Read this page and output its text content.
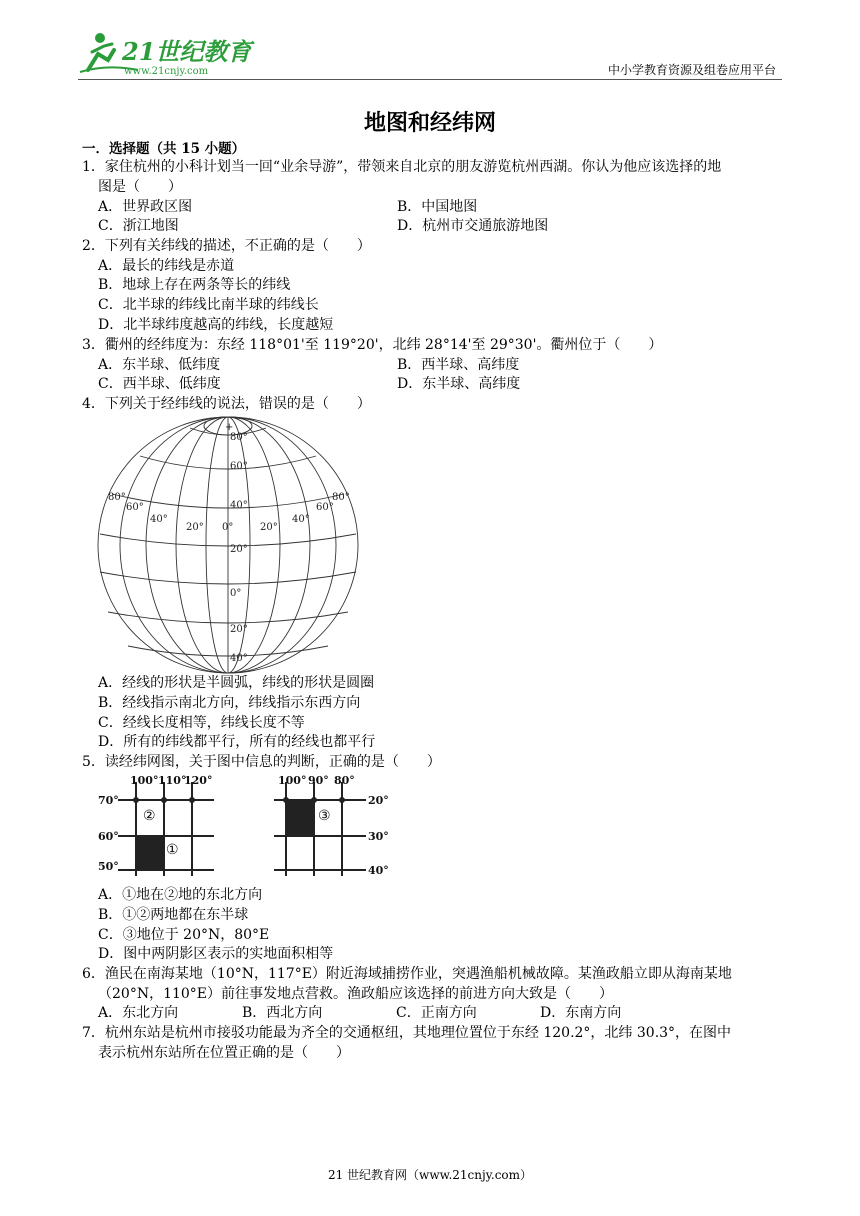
21世纪教育
www.21cnjy.com	中小学教育资源及组卷应用平台
地图和经纬网
一．选择题（共 15 小题）
1．家住杭州的小科计划当一回“业余导游”，带领来自北京的朋友游览杭州西湖。你认为他应该选择的地
图是（　　）
A．世界政区图	B．中国地图
C．浙江地图	D．杭州市交通旅游地图
2．下列有关纬线的描述，不正确的是（　　）
A．最长的纬线是赤道
B．地球上存在两条等长的纬线
C．北半球的纬线比南半球的纬线长
D．北半球纬度越高的纬线，长度越短
3．衢州的经纬度为：东经 118°01'至 119°20'，北纬 28°14'至 29°30'。衢州位于（　　）
A．东半球、低纬度	B．西半球、高纬度
C．西半球、低纬度	D．东半球、高纬度
4．下列关于经纬线的说法，错误的是（　　）
+
80°
60°
40°
20°
0°
20°
40°
80°
60°
40°
20° 0°	20°
40°
60°
80°
A．经线的形状是半圆弧，纬线的形状是圆圈
B．经线指示南北方向，纬线指示东西方向
C．经线长度相等，纬线长度不等
D．所有的纬线都平行，所有的经线也都平行
5．读经纬网图，关于图中信息的判断，正确的是（　　）
100° 110°
120°
70°
60°
50°
②
①
100° 90° 80°
20°
30°
40°
③
A．①地在②地的东北方向
B．①②两地都在东半球
C．③地位于 20°N，80°E
D．图中两阴影区表示的实地面积相等
6．渔民在南海某地（10°N，117°E）附近海域捕捞作业，突遇渔船机械故障。某渔政船立即从海南某地
（20°N，110°E）前往事发地点营救。渔政船应该选择的前进方向大致是（　　）
A．东北方向	B．西北方向	C．正南方向	D．东南方向
7．杭州东站是杭州市接驳功能最为齐全的交通枢纽，其地理位置位于东经 120.2°，北纬 30.3°，在图中
表示杭州东站所在位置正确的是（　　）
21 世纪教育网（www.21cnjy.com）
